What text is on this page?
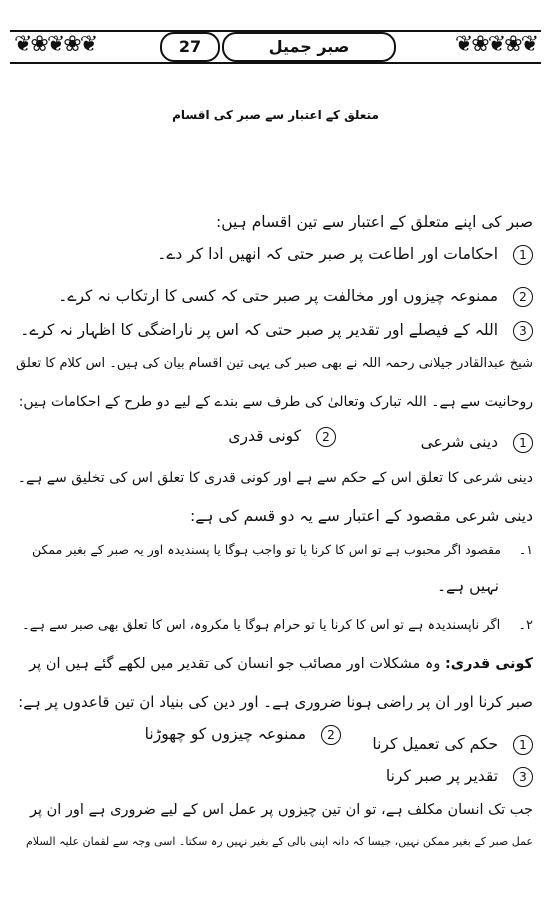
❦❀❦❀❦	❦❀❦❀❦
27	صبر جمیل
متعلق کے اعتبار سے صبر کی اقسام
صبر کی اپنے متعلق کے اعتبار سے تین اقسام ہیں:
1 احکامات اور اطاعت پر صبر حتی کہ انھیں ادا کر دے۔
2 ممنوعہ چیزوں اور مخالفت پر صبر حتی کہ کسی کا ارتکاب نہ کرے۔
3 اللہ کے فیصلے اور تقدیر پر صبر حتی کہ اس پر ناراضگی کا اظہار نہ کرے۔
شیخ عبدالقادر جیلانی رحمہ اللہ نے بھی صبر کی یہی تین اقسام بیان کی ہیں۔ اس کلام کا تعلق
روحانیت سے ہے۔ اللہ تبارک وتعالیٰ کی طرف سے بندے کے لیے دو طرح کے احکامات ہیں:
1 دینی شرعی
2 کونی قدری
دینی شرعی کا تعلق اس کے حکم سے ہے اور کونی قدری کا تعلق اس کی تخلیق سے ہے۔
دینی شرعی مقصود کے اعتبار سے یہ دو قسم کی ہے:
۱۔ مقصود اگر محبوب ہے تو اس کا کرنا یا تو واجب ہوگا یا پسندیدہ اور یہ صبر کے بغیر ممکن
نہیں ہے۔
۲۔ اگر ناپسندیدہ ہے تو اس کا کرنا یا تو حرام ہوگا یا مکروہ، اس کا تعلق بھی صبر سے ہے۔
کونی قدری: وہ مشکلات اور مصائب جو انسان کی تقدیر میں لکھے گئے ہیں ان پر
صبر کرنا اور ان پر راضی ہونا ضروری ہے۔ اور دین کی بنیاد ان تین قاعدوں پر ہے:
1 حکم کی تعمیل کرنا
2 ممنوعہ چیزوں کو چھوڑنا
3 تقدیر پر صبر کرنا
جب تک انسان مکلف ہے، تو ان تین چیزوں پر عمل اس کے لیے ضروری ہے اور ان پر
عمل صبر کے بغیر ممکن نہیں، جیسا کہ دانہ اپنی بالی کے بغیر نہیں رہ سکتا۔ اسی وجہ سے لقمان علیہ السلام
